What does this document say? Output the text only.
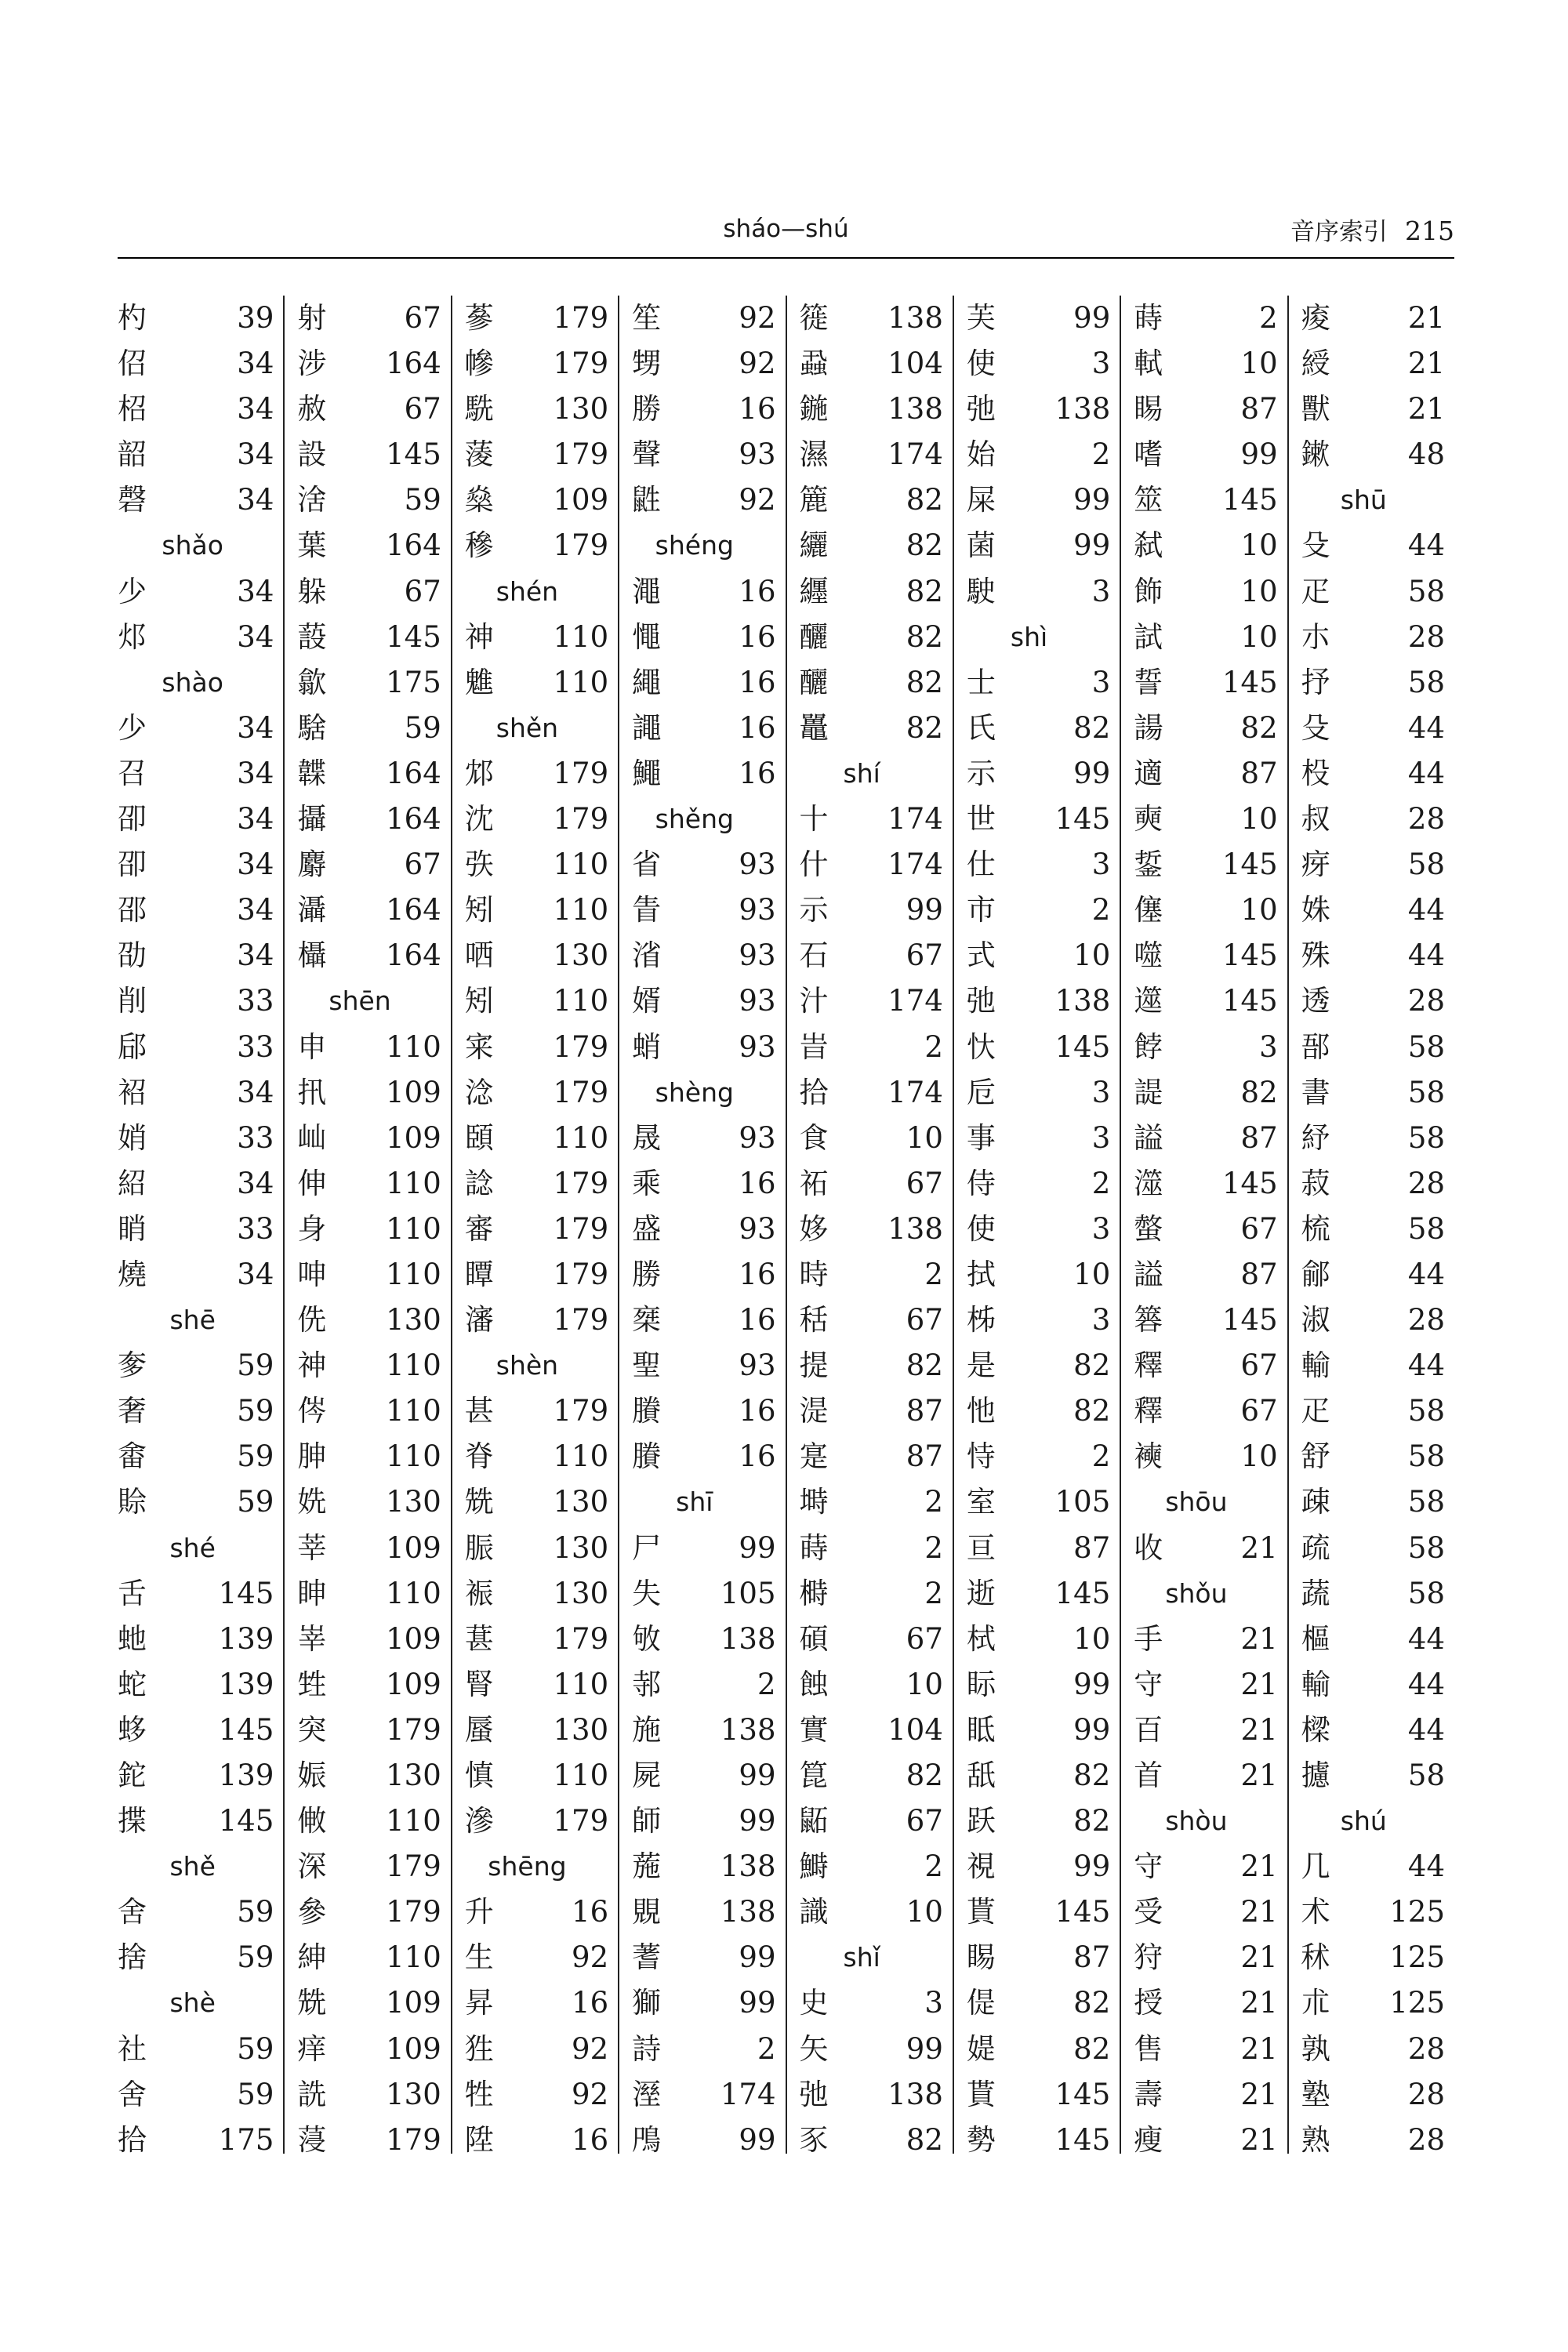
sháo—shú	音序索引 215
杓	39
佋	34
柖	34
韶	34
磬	34
shǎo
少	34
邩	34
shào
少	34
召	34
卲	34
卲	34
邵	34
劭	34
削	33
郈	33
袑	34
娋	33
紹	34
睄	33
燒	34
shē
奓	59
奢	59
畬	59
賒	59
shé
舌 145
虵 139
蛇 139
蛥 145
鉈 139
揲 145
shě
舍	59
捨	59
shè
社	59
舍	59
拾 175
射	67
涉 164
赦	67
設 145
涻	59
葉 164
躲	67
蔎 145
歙 175
騇	59
韘 164
攝 164
麝	67
灄 164
欇 164
shēn
申 110
扟 109
屾 109
伸 110
身 110
呻 110
侁 130
神 110
侺 110
胂 110
姺 130
莘 109
眒 110
峷 109
甡 109
突 179
娠 130
敒 110
深 179
參 179
紳 110
兟 109
痒 109
詵 130
蓡 179
蔘 179
幓 179
駪 130
蔆 179
燊 109
穇 179
shén
神 110
魋 110
shěn
邥 179
沈 179
矤 110
矧 110
哂 130
矧 110
宷 179
淰 179
頣 110
諗 179
審 179
瞫 179
瀋 179
shèn
甚 179
脊 110
兟 130
脤 130
裖 130
葚 179
腎 110
蜃 130
慎 110
滲 179
shēng
升	16
生	92
昇	16
狌	92
牲	92
陞	16
笙	92
甥	92
勝	16
聲	93
鼪	92
shéng
澠	16
憴	16
繩	16
譝	16
鱦	16
shěng
省	93
眚	93
渻	93
婿	93
蛸	93
shèng
晟	93
乘	16
盛	93
勝	16
椉	16
聖	93
賸	16
賸	16
shī
尸	99
失 105
敂 138
邿	2
施 138
屍	99
師	99
葹 138
覞 138
蓍	99
獅	99
詩	2
溼 174
鳲	99
簁 138
蝨 104
鍦 138
濕 174
簏	82
纚	82
纒	82
釃	82
釃	82
鼉	82
shí
十 174
什 174
示	99
石	67
汁 174
旹	2
拾 174
食	10
祏	67
姼 138
時	2
秳	67
提	82
湜	87
寔	87
塒	2
蒔	2
榯	2
碩	67
蝕	10
實 104
箟	82
鼫	67
鰣	2
識	10
shǐ
史	3
矢	99
弛 138
豕	82
芙	99
使	3
弛 138
始	2
屎	99
菌	99
駛	3
shì
士	3
氏	82
示	99
世 145
仕	3
市	2
式	10
弛 138
忕 145
卮	3
事	3
侍	2
使	3
拭	10
柹	3
是	82
忚	82
恃	2
室 105
亘	87
逝 145
栻	10
眎	99
眡	99
舐	82
跃	82
視	99
貰 145
睗	87
偍	82
媞	82
貰 145
勢 145
蒔	2
軾	10
睗	87
嗜	99
筮 145
弑	10
飾	10
試	10
誓 145
諹	82
適	87
奭	10
銴 145
僿	10
噬 145
遾 145
餑	3
諟	82
謚	87
澨 145
螫	67
謚	87
簭 145
釋	67
釋	67
襫	10
shōu
收	21
shǒu
手	21
守	21
百	21
首	21
shòu
守	21
受	21
狩	21
授	21
售	21
壽	21
瘦	21
痠	21
綬	21
獸	21
鏉	48
shū
殳	44
疋	58
朩	28
抒	58
殳	44
杸	44
叔	28
疨	58
姝	44
殊	44
透	28
郚	58
書	58
紓	58
菽	28
梳	58
鄃	44
淑	28
輸	44
疋	58
舒	58
疎	58
疏	58
蔬	58
樞	44
輸	44
樑	44
攄	58
shú
几	44
术 125
秫 125
朮 125
孰	28
塾	28
熟	28
